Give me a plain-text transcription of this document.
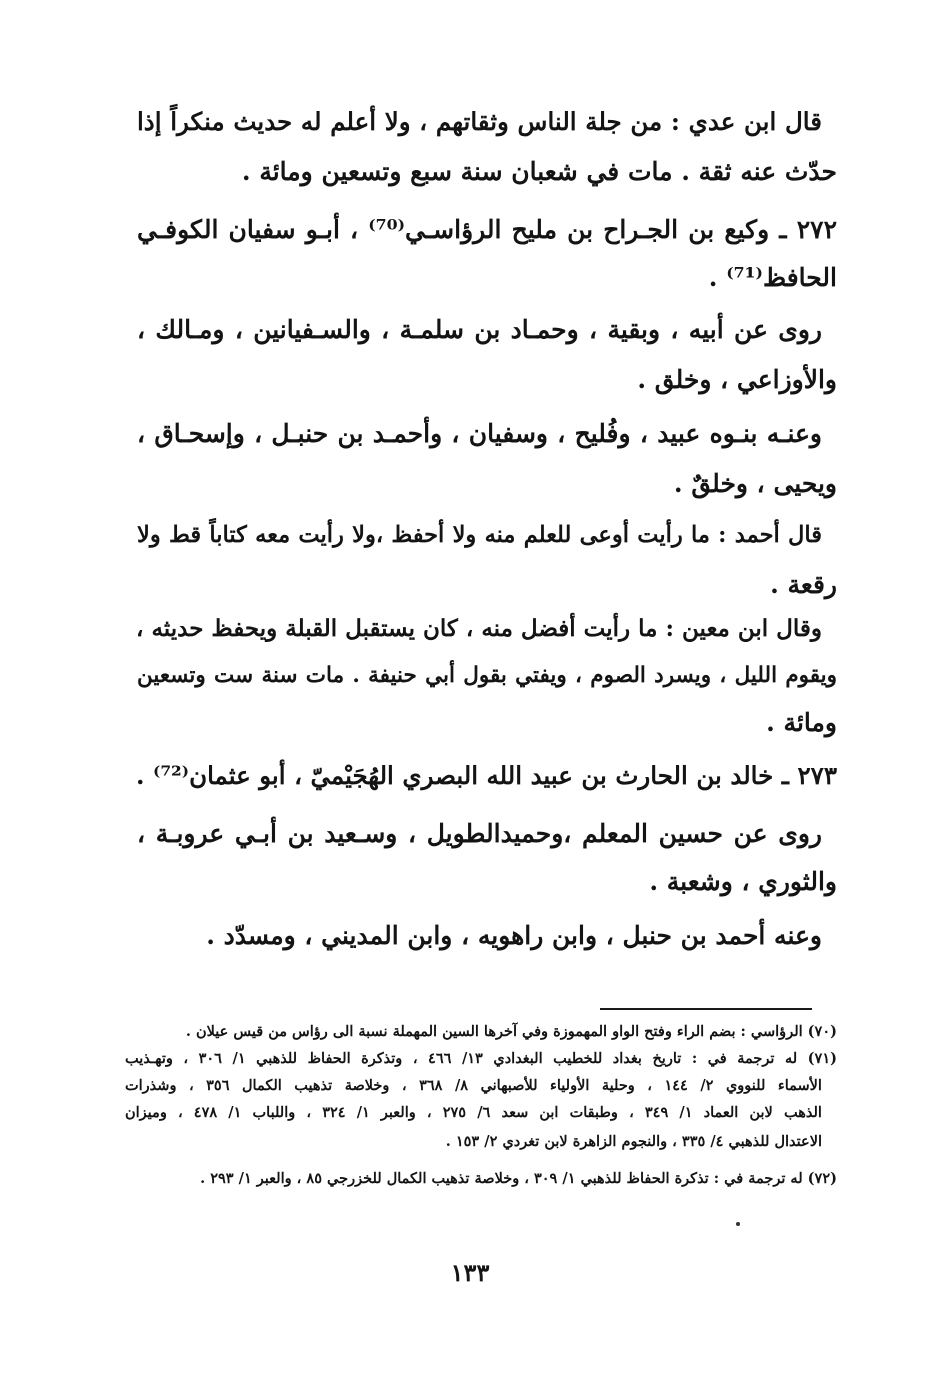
قال ابن عدي : من جلة الناس وثقاتهم ، ولا أعلم له حديث منكراً إذا
حدّث عنه ثقة . مات في شعبان سنة سبع وتسعين ومائة .
٢٧٢ ـ وكيع بن الجـراح بن مليح الرؤاسـي⁽⁷⁰⁾ ، أبـو سفيان الكوفـي
الحافظ⁽⁷¹⁾ .
روى عن أبيه ، وبقية ، وحمـاد بن سلمـة ، والسـفيانين ، ومـالك ،
والأوزاعي ، وخلق .
وعنـه بنـوه عبيد ، وفُليح ، وسفيان ، وأحمـد بن حنبـل ، وإسحـاق ،
ويحيى ، وخلقٌ .
قال أحمد : ما رأيت أوعى للعلم منه ولا أحفظ ،ولا رأيت معه كتاباً قط ولا
رقعة .
وقال ابن معين : ما رأيت أفضل منه ، كان يستقبل القبلة ويحفظ حديثه ،
ويقوم الليل ، ويسرد الصوم ، ويفتي بقول أبي حنيفة . مات سنة ست وتسعين
ومائة .
٢٧٣ ـ خالد بن الحارث بن عبيد الله البصري الهُجَيْميّ ، أبو عثمان⁽⁷²⁾ .
روى عن حسين المعلم ،وحميدالطويل ، وسـعيد بن أبـي عروبـة ،
والثوري ، وشعبة .
وعنه أحمد بن حنبل ، وابن راهويه ، وابن المديني ، ومسدّد .
(٧٠) الرؤاسي : بضم الراء وفتح الواو المهموزة وفي آخرها السين المهملة نسبة الى رؤاس من قيس عيلان .
(٧١) له ترجمة في : تاريخ بغداد للخطيب البغدادي ١٣/ ٤٦٦ ، وتذكرة الحفاظ للذهبي ١/ ٣٠٦ ، وتهـذيب
الأسماء للنووي ٢/ ١٤٤ ، وحلية الأولياء للأصبهاني ٨/ ٣٦٨ ، وخلاصة تذهيب الكمال ٣٥٦ ، وشذرات
الذهب لابن العماد ١/ ٣٤٩ ، وطبقات ابن سعد ٦/ ٢٧٥ ، والعبر ١/ ٣٢٤ ، واللباب ١/ ٤٧٨ ، وميزان
الاعتدال للذهبي ٤/ ٣٣٥ ، والنجوم الزاهرة لابن تغردي ٢/ ١٥٣ .
(٧٢) له ترجمة في : تذكرة الحفاظ للذهبي ١/ ٣٠٩ ، وخلاصة تذهيب الكمال للخزرجي ٨٥ ، والعبر ١/ ٢٩٣ .
١٣٣
